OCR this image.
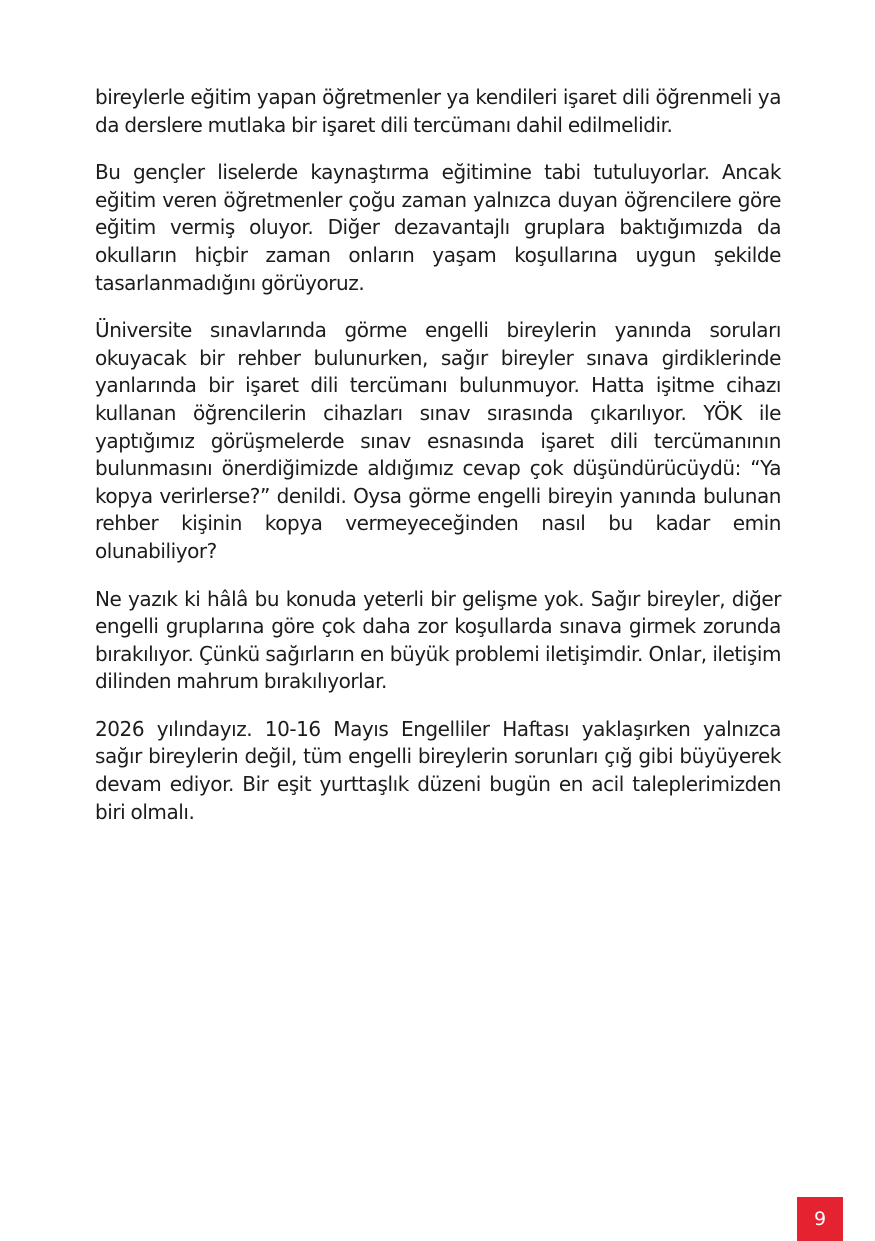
bireylerle eğitim yapan öğretmenler ya kendileri işaret dili öğrenmeli ya da derslere mutlaka bir işaret dili tercümanı dahil edilmelidir.

Bu gençler liselerde kaynaştırma eğitimine tabi tutuluyorlar. Ancak eğitim veren öğretmenler çoğu zaman yalnızca duyan öğrencilere göre eğitim vermiş oluyor. Diğer dezavantajlı gruplara baktığımızda da okulların hiçbir zaman onların yaşam koşullarına uygun şekilde tasarlanmadığını görüyoruz.

Üniversite sınavlarında görme engelli bireylerin yanında soruları okuyacak bir rehber bulunurken, sağır bireyler sınava girdiklerinde yanlarında bir işaret dili tercümanı bulunmuyor. Hatta işitme cihazı kullanan öğrencilerin cihazları sınav sırasında çıkarılıyor. YÖK ile yaptığımız görüşmelerde sınav esnasında işaret dili tercümanının bulunmasını önerdiğimizde aldığımız cevap çok düşündürücüydü: “Ya kopya verirlerse?” denildi. Oysa görme engelli bireyin yanında bulunan rehber kişinin kopya vermeyeceğinden nasıl bu kadar emin olunabiliyor?

Ne yazık ki hâlâ bu konuda yeterli bir gelişme yok. Sağır bireyler, diğer engelli gruplarına göre çok daha zor koşullarda sınava girmek zorunda bırakılıyor. Çünkü sağırların en büyük problemi iletişimdir. Onlar, iletişim dilinden mahrum bırakılıyorlar.

2026 yılındayız. 10-16 Mayıs Engelliler Haftası yaklaşırken yalnızca sağır bireylerin değil, tüm engelli bireylerin sorunları çığ gibi büyüyerek devam ediyor. Bir eşit yurttaşlık düzeni bugün en acil taleplerimizden biri olmalı.

9
